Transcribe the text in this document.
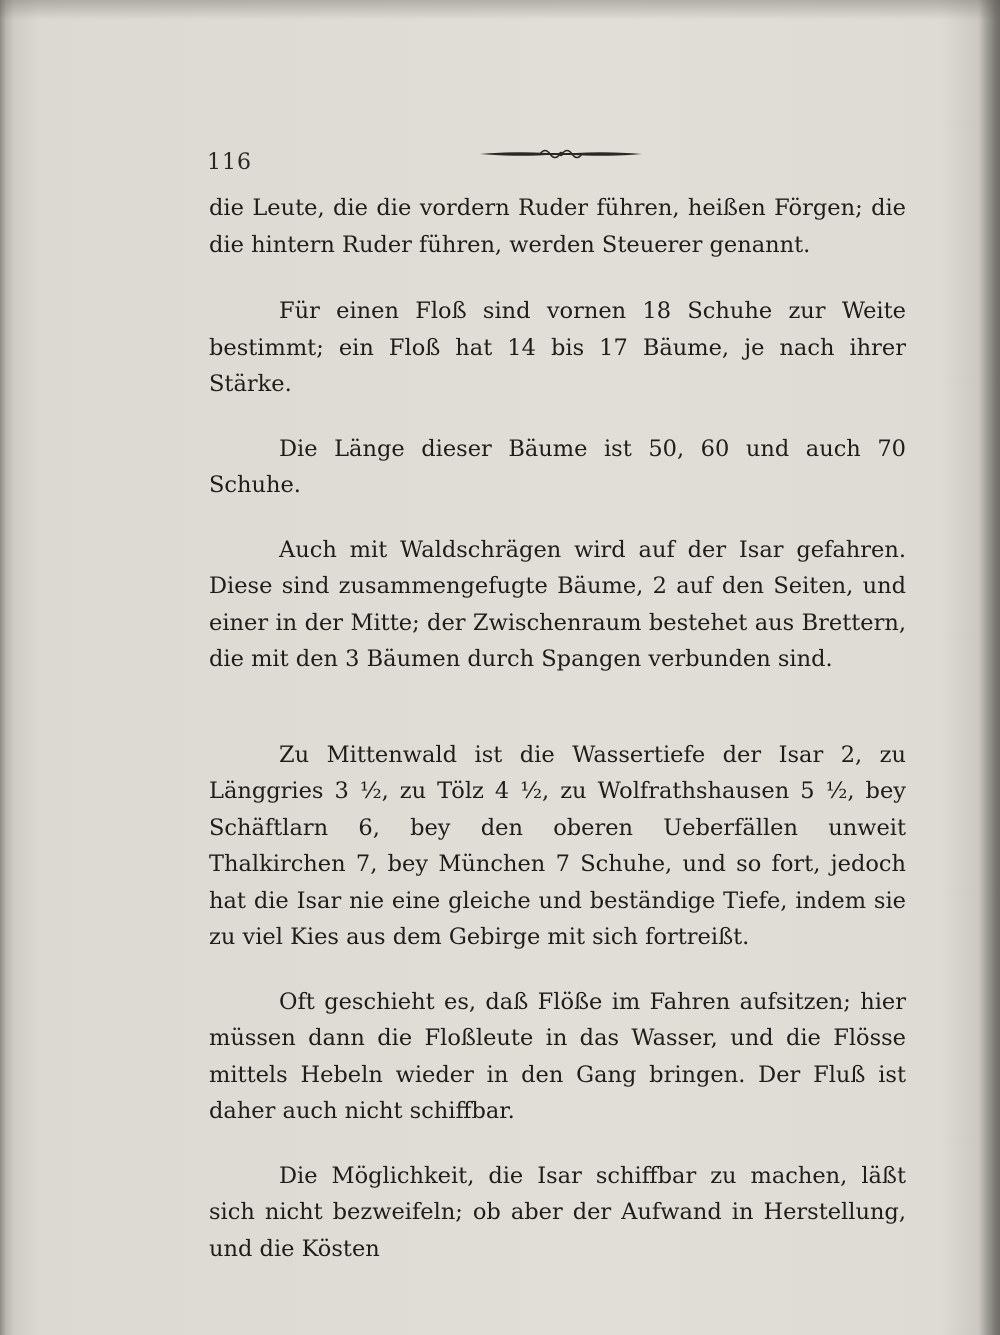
116

die Leute, die die vordern Ruder führen, heißen Förgen; die die hintern Ruder führen, werden Steuerer genannt.

Für einen Floß sind vornen 18 Schuhe zur Weite bestimmt; ein Floß hat 14 bis 17 Bäume, je nach ihrer Stärke.

Die Länge dieser Bäume ist 50, 60 und auch 70 Schuhe.

Auch mit Waldschrägen wird auf der Isar gefahren. Diese sind zusammengefugte Bäume, 2 auf den Seiten, und einer in der Mitte; der Zwischenraum bestehet aus Brettern, die mit den 3 Bäumen durch Spangen verbunden sind.

Zu Mittenwald ist die Wassertiefe der Isar 2, zu Länggries 3 ½, zu Tölz 4 ½, zu Wolfrathshausen 5 ½, bey Schäftlarn 6, bey den oberen Ueberfällen unweit Thalkirchen 7, bey München 7 Schuhe, und so fort, jedoch hat die Isar nie eine gleiche und beständige Tiefe, indem sie zu viel Kies aus dem Gebirge mit sich fortreißt.

Oft geschieht es, daß Flöße im Fahren aufsitzen; hier müssen dann die Floßleute in das Wasser, und die Flösse mittels Hebeln wieder in den Gang bringen. Der Fluß ist daher auch nicht schiffbar.

Die Möglichkeit, die Isar schiffbar zu machen, läßt sich nicht bezweifeln; ob aber der Aufwand in Herstellung, und die Kösten
